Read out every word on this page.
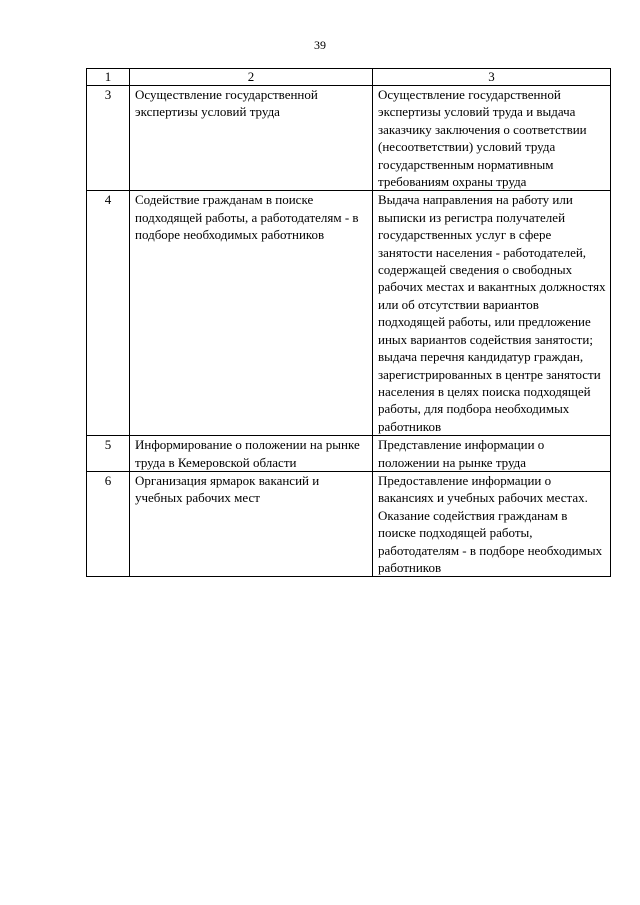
39
1	2	3
3	Осуществление государственной экспертизы условий труда	Осуществление государственной экспертизы условий труда и выдача заказчику заключения о соответствии (несоответствии) условий труда государственным нормативным требованиям охраны труда
4	Содействие гражданам в поиске подходящей работы, а работодателям - в подборе необходимых работников	Выдача направления на работу или выписки из регистра получателей государственных услуг в сфере занятости населения - работодателей, содержащей сведения о свободных рабочих местах и вакантных должностях или об отсутствии вариантов подходящей работы, или предложение иных вариантов содействия занятости; выдача перечня кандидатур граждан, зарегистрированных в центре занятости населения в целях поиска подходящей работы, для подбора необходимых работников
5	Информирование о положении на рынке труда в Кемеровской области	Представление информации о положении на рынке труда
6	Организация ярмарок вакансий и учебных рабочих мест	Предоставление информации о вакансиях и учебных рабочих местах. Оказание содействия гражданам в поиске подходящей работы, работодателям - в подборе необходимых работников
